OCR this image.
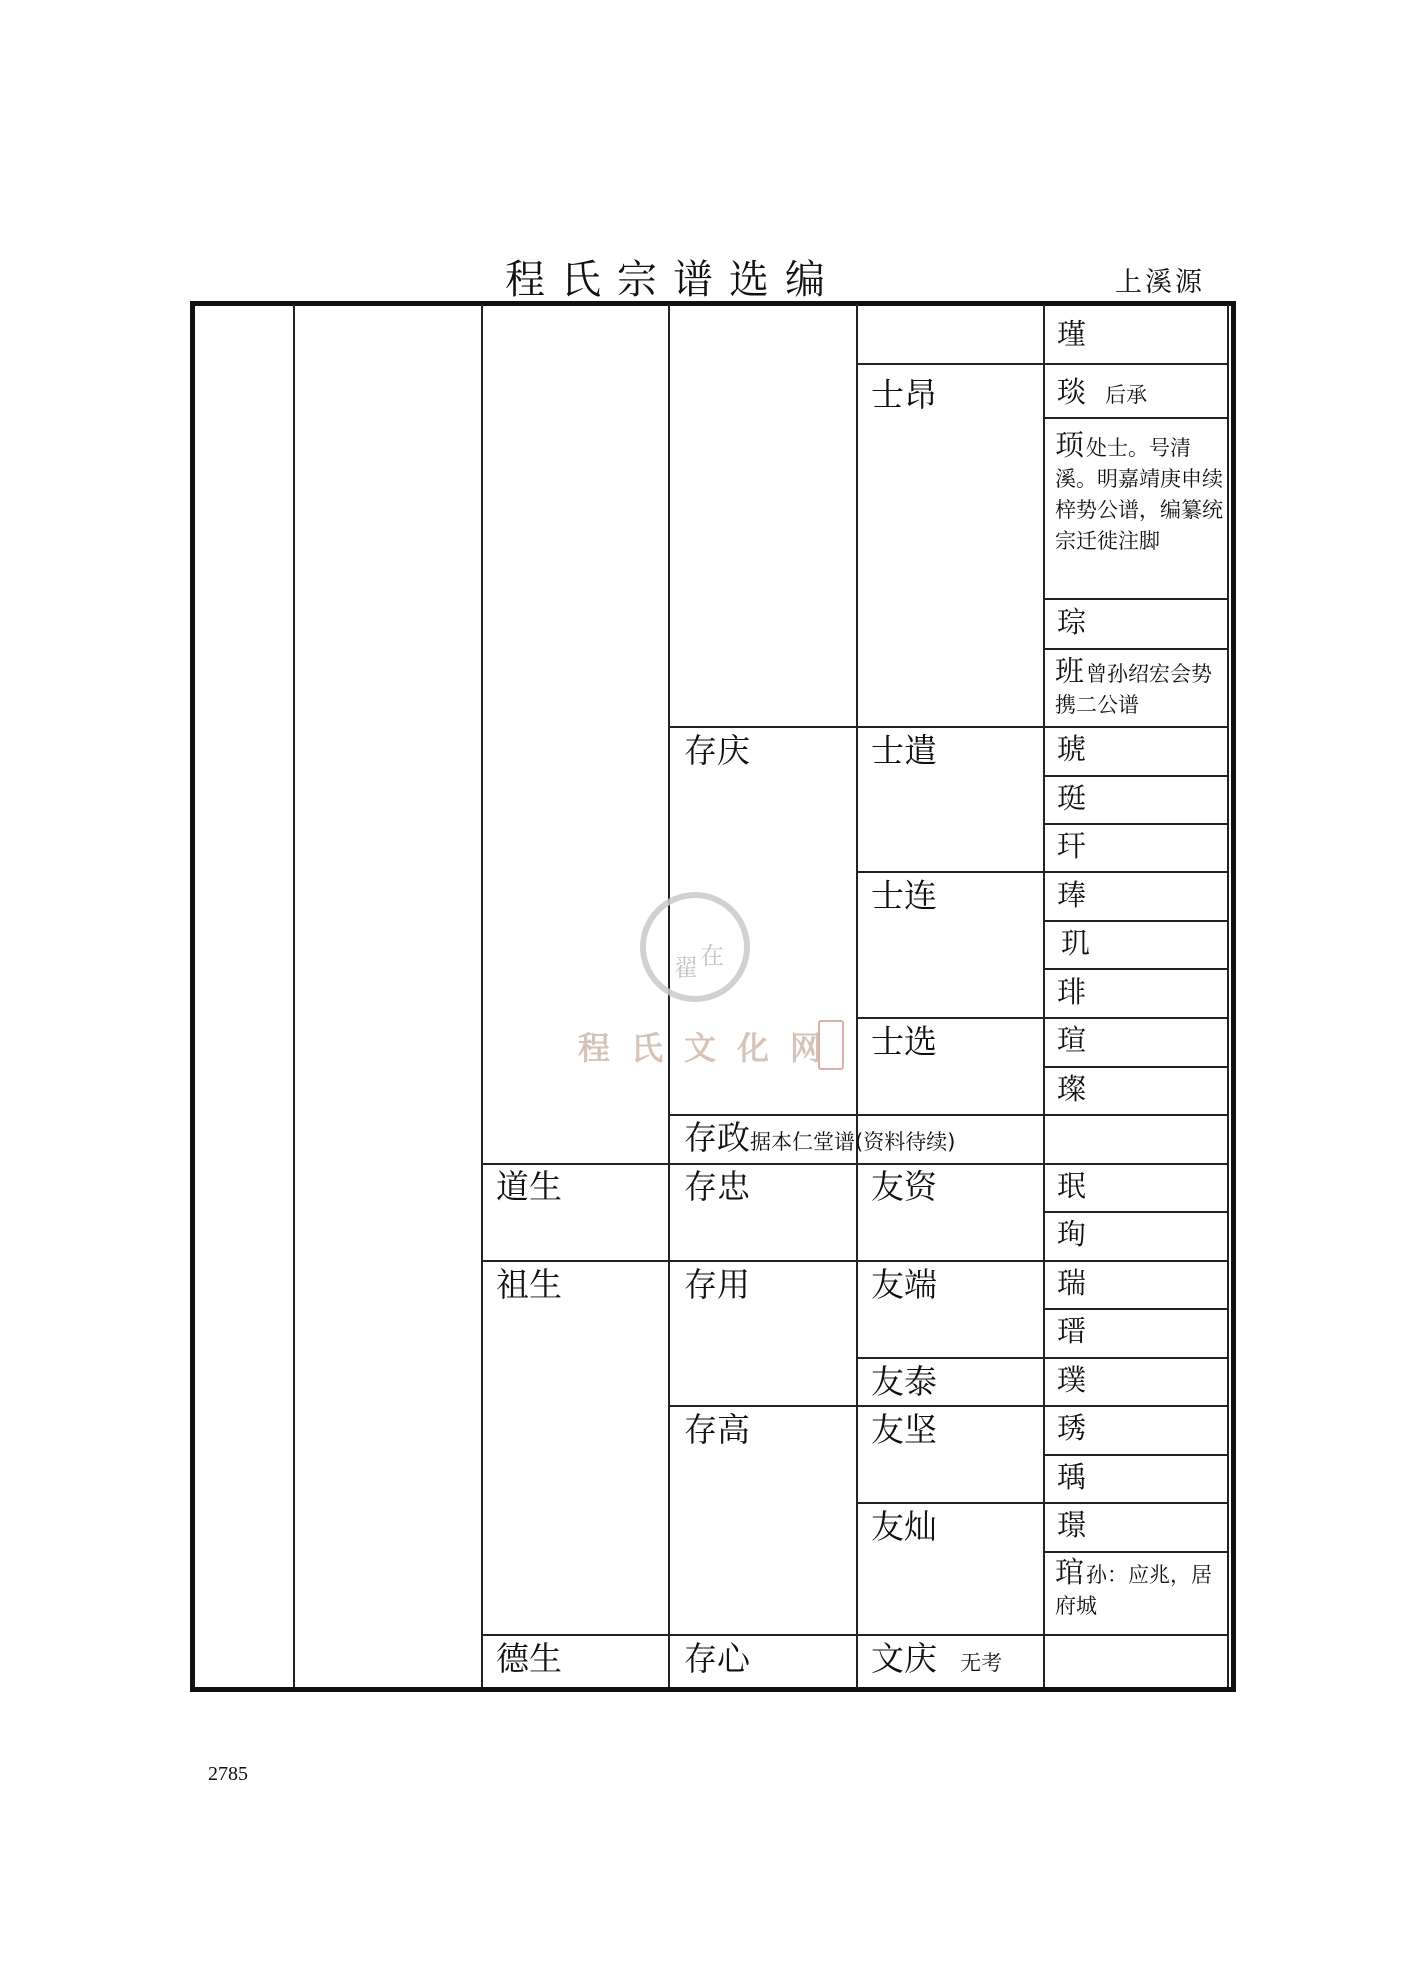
程氏宗谱选编	上溪源
道生
祖生
德生
存庆
存政据本仁堂谱(资料待续)
存忠
存用
存高
存心
士昂
士遣
士连
士选
友资
友端
友泰
友坚
友灿
文庆 无考
瑾
琰 后承
顼处士。号清溪。明嘉靖庚申续梓势公谱，编纂统宗迁徙注脚
琮
班曾孙绍宏会势携二公谱
琥
珽
玕
琫
玑
琲
瑄
璨
珉
珣
瑞
瑨
璞
琇
瑀
璟
琯孙：应兆，居府城
翟 在
程氏文化网
2785
